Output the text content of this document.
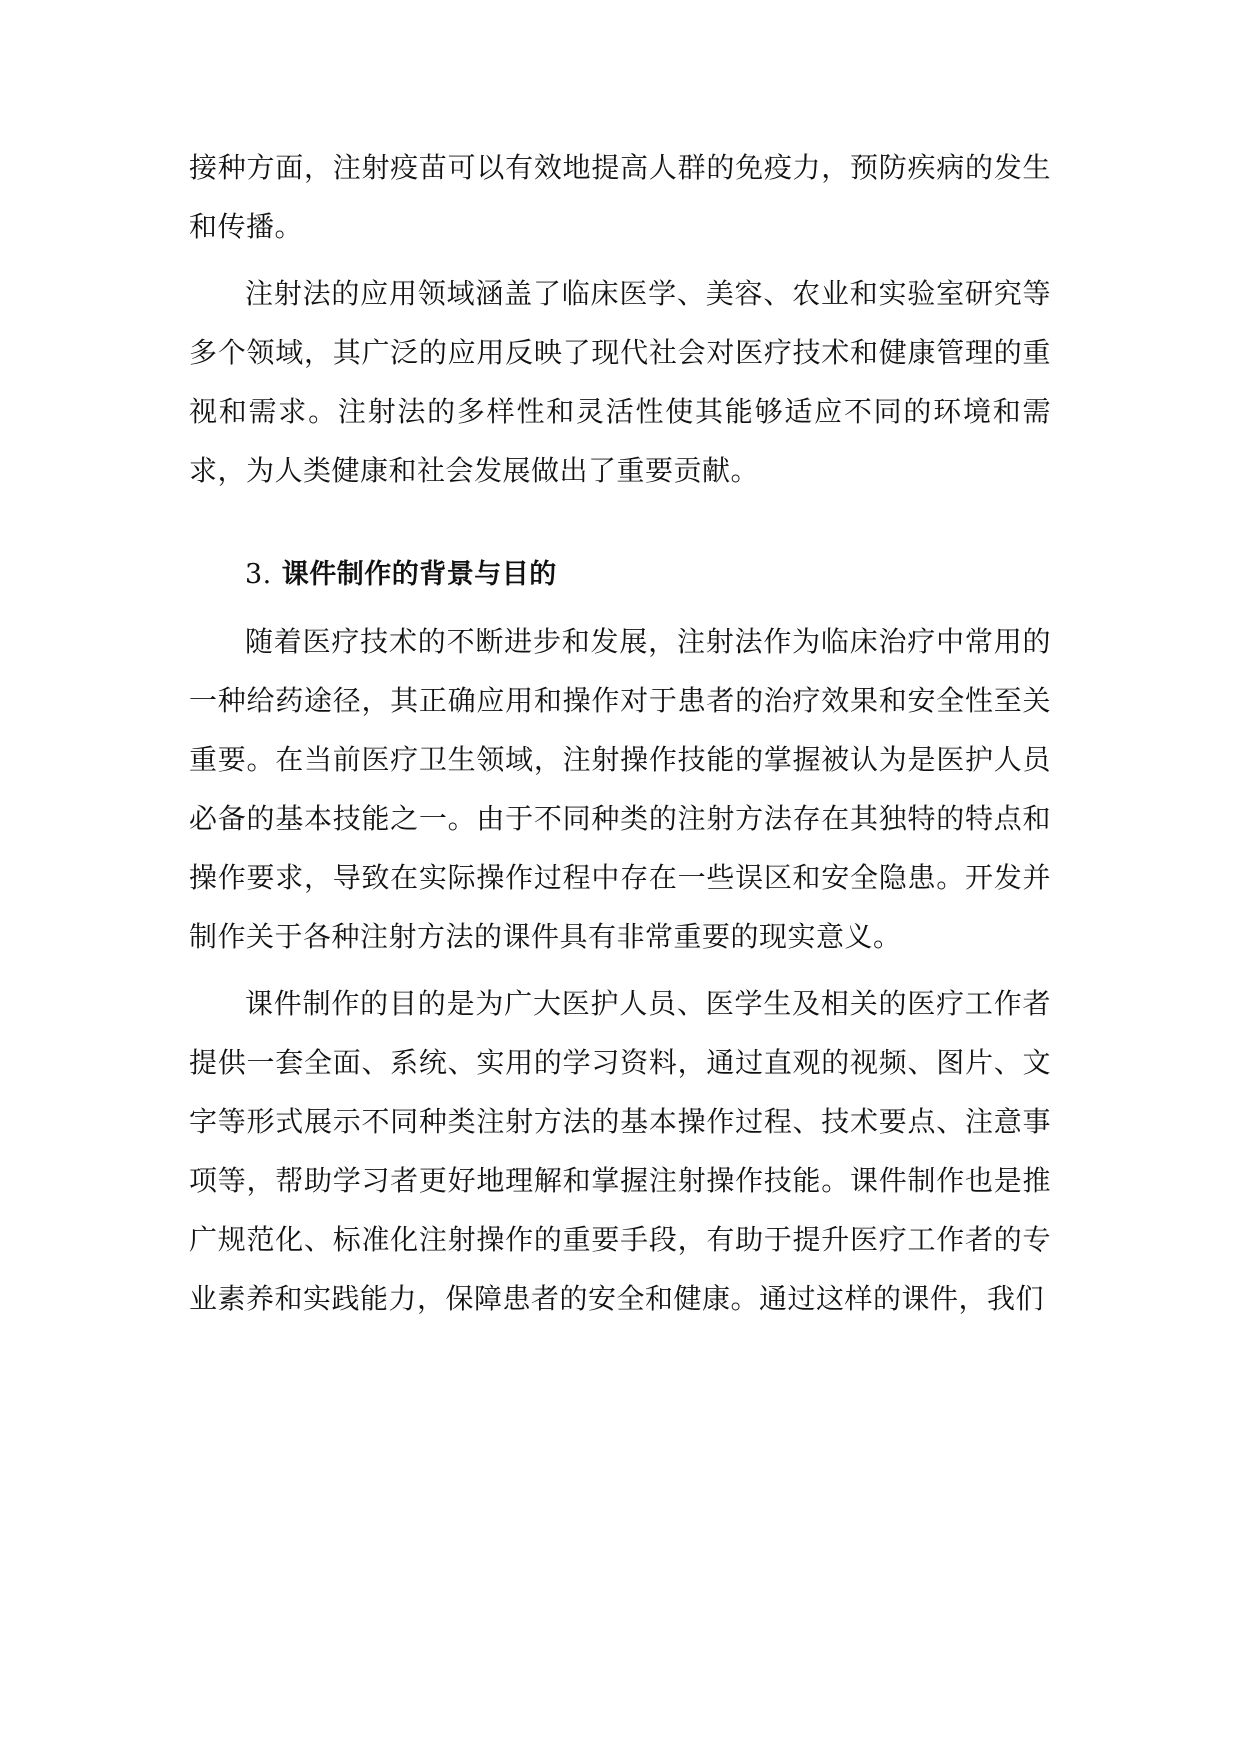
接种方面，注射疫苗可以有效地提高人群的免疫力，预防疾病的发生和传播。

注射法的应用领域涵盖了临床医学、美容、农业和实验室研究等多个领域，其广泛的应用反映了现代社会对医疗技术和健康管理的重视和需求。注射法的多样性和灵活性使其能够适应不同的环境和需求，为人类健康和社会发展做出了重要贡献。

3. 课件制作的背景与目的

随着医疗技术的不断进步和发展，注射法作为临床治疗中常用的一种给药途径，其正确应用和操作对于患者的治疗效果和安全性至关重要。在当前医疗卫生领域，注射操作技能的掌握被认为是医护人员必备的基本技能之一。由于不同种类的注射方法存在其独特的特点和操作要求，导致在实际操作过程中存在一些误区和安全隐患。开发并制作关于各种注射方法的课件具有非常重要的现实意义。

课件制作的目的是为广大医护人员、医学生及相关的医疗工作者提供一套全面、系统、实用的学习资料，通过直观的视频、图片、文字等形式展示不同种类注射方法的基本操作过程、技术要点、注意事项等，帮助学习者更好地理解和掌握注射操作技能。课件制作也是推广规范化、标准化注射操作的重要手段，有助于提升医疗工作者的专业素养和实践能力，保障患者的安全和健康。通过这样的课件，我们
